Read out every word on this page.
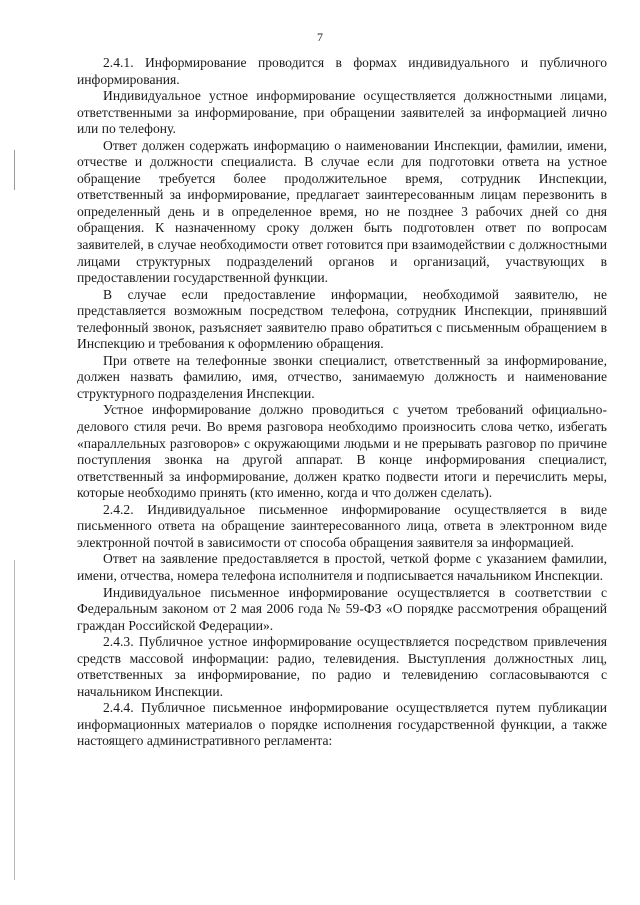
7

2.4.1. Информирование проводится в формах индивидуального и публичного информирования.

Индивидуальное устное информирование осуществляется должностными лицами, ответственными за информирование, при обращении заявителей за информацией лично или по телефону.

Ответ должен содержать информацию о наименовании Инспекции, фамилии, имени, отчестве и должности специалиста. В случае если для подготовки ответа на устное обращение требуется более продолжительное время, сотрудник Инспекции, ответственный за информирование, предлагает заинтересованным лицам перезвонить в определенный день и в определенное время, но не позднее 3 рабочих дней со дня обращения. К назначенному сроку должен быть подготовлен ответ по вопросам заявителей, в случае необходимости ответ готовится при взаимодействии с должностными лицами структурных подразделений органов и организаций, участвующих в предоставлении государственной функции.

В случае если предоставление информации, необходимой заявителю, не представляется возможным посредством телефона, сотрудник Инспекции, принявший телефонный звонок, разъясняет заявителю право обратиться с письменным обращением в Инспекцию и требования к оформлению обращения.

При ответе на телефонные звонки специалист, ответственный за информирование, должен назвать фамилию, имя, отчество, занимаемую должность и наименование структурного подразделения Инспекции.

Устное информирование должно проводиться с учетом требований официально-делового стиля речи. Во время разговора необходимо произносить слова четко, избегать «параллельных разговоров» с окружающими людьми и не прерывать разговор по причине поступления звонка на другой аппарат. В конце информирования специалист, ответственный за информирование, должен кратко подвести итоги и перечислить меры, которые необходимо принять (кто именно, когда и что должен сделать).

2.4.2. Индивидуальное письменное информирование осуществляется в виде письменного ответа на обращение заинтересованного лица, ответа в электронном виде электронной почтой в зависимости от способа обращения заявителя за информацией.

Ответ на заявление предоставляется в простой, четкой форме с указанием фамилии, имени, отчества, номера телефона исполнителя и подписывается начальником Инспекции.

Индивидуальное письменное информирование осуществляется в соответствии с Федеральным законом от 2 мая 2006 года № 59-ФЗ «О порядке рассмотрения обращений граждан Российской Федерации».

2.4.3. Публичное устное информирование осуществляется посредством привлечения средств массовой информации: радио, телевидения. Выступления должностных лиц, ответственных за информирование, по радио и телевидению согласовываются с начальником Инспекции.

2.4.4. Публичное письменное информирование осуществляется путем публикации информационных материалов о порядке исполнения государственной функции, а также настоящего административного регламента:
